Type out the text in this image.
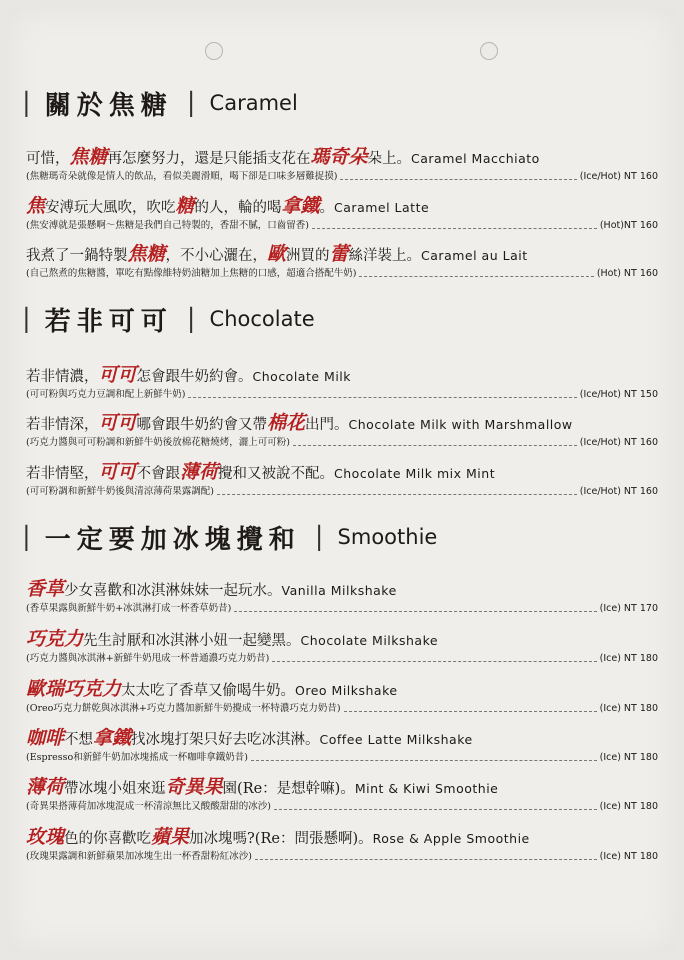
| 關於焦糖 | Caramel
可惜，焦糖再怎麼努力，還是只能插支花在瑪奇朵朵上。Caramel Macchiato
(焦糖瑪奇朵就像是情人的飲品，看似美麗滑順，喝下卻是口味多層難捉摸)	(Ice/Hot) NT 160
焦安溥玩大風吹，吹吃糖的人，輪的喝拿鐵。Caramel Latte
(焦安溥就是張懸啊～焦糖是我們自己特製的，香甜不膩，口齒留香)	(Hot)NT 160
我煮了一鍋特製焦糖，不小心灑在，歐洲買的蕾絲洋裝上。Caramel au Lait
(自己熬煮的焦糖醬，單吃有點像維特奶油糖加上焦糖的口感，超適合搭配牛奶)	(Hot) NT 160
| 若非可可 | Chocolate
若非情濃，可可怎會跟牛奶約會。Chocolate Milk
(可可粉與巧克力豆調和配上新鮮牛奶)	(Ice/Hot) NT 150
若非情深，可可哪會跟牛奶約會又帶棉花出門。Chocolate Milk with Marshmallow
(巧克力醬與可可粉調和新鮮牛奶後放棉花糖燒烤，灑上可可粉)	(Ice/Hot) NT 160
若非情堅，可可不會跟薄荷攪和又被說不配。Chocolate Milk mix Mint
(可可粉調和新鮮牛奶後與清涼薄荷果露調配)	(Ice/Hot) NT 160
| 一定要加冰塊攪和 | Smoothie
香草少女喜歡和冰淇淋妹妹一起玩水。Vanilla Milkshake
(香草果露與新鮮牛奶+冰淇淋打成一杯香草奶昔)	(Ice) NT 170
巧克力先生討厭和冰淇淋小妞一起變黑。Chocolate Milkshake
(巧克力醬與冰淇淋+新鮮牛奶甩成一杯普通濃巧克力奶昔)	(Ice) NT 180
歐瑞巧克力太太吃了香草又偷喝牛奶。Oreo Milkshake
(Oreo巧克力餅乾與冰淇淋+巧克力醬加新鮮牛奶攪成一杯特濃巧克力奶昔)	(Ice) NT 180
咖啡不想拿鐵找冰塊打架只好去吃冰淇淋。Coffee Latte Milkshake
(Espresso和新鮮牛奶加冰塊搖成一杯咖啡拿鐵奶昔)	(Ice) NT 180
薄荷帶冰塊小姐來逛奇異果園(Re：是想幹嘛)。Mint & Kiwi Smoothie
(奇異果搭薄荷加冰塊混成一杯清涼無比又酸酸甜甜的冰沙)	(Ice) NT 180
玫瑰色的你喜歡吃蘋果加冰塊嗎?(Re：問張懸啊)。Rose & Apple Smoothie
(玫瑰果露調和新鮮蘋果加冰塊生出一杯香甜粉紅冰沙)	(Ice) NT 180
